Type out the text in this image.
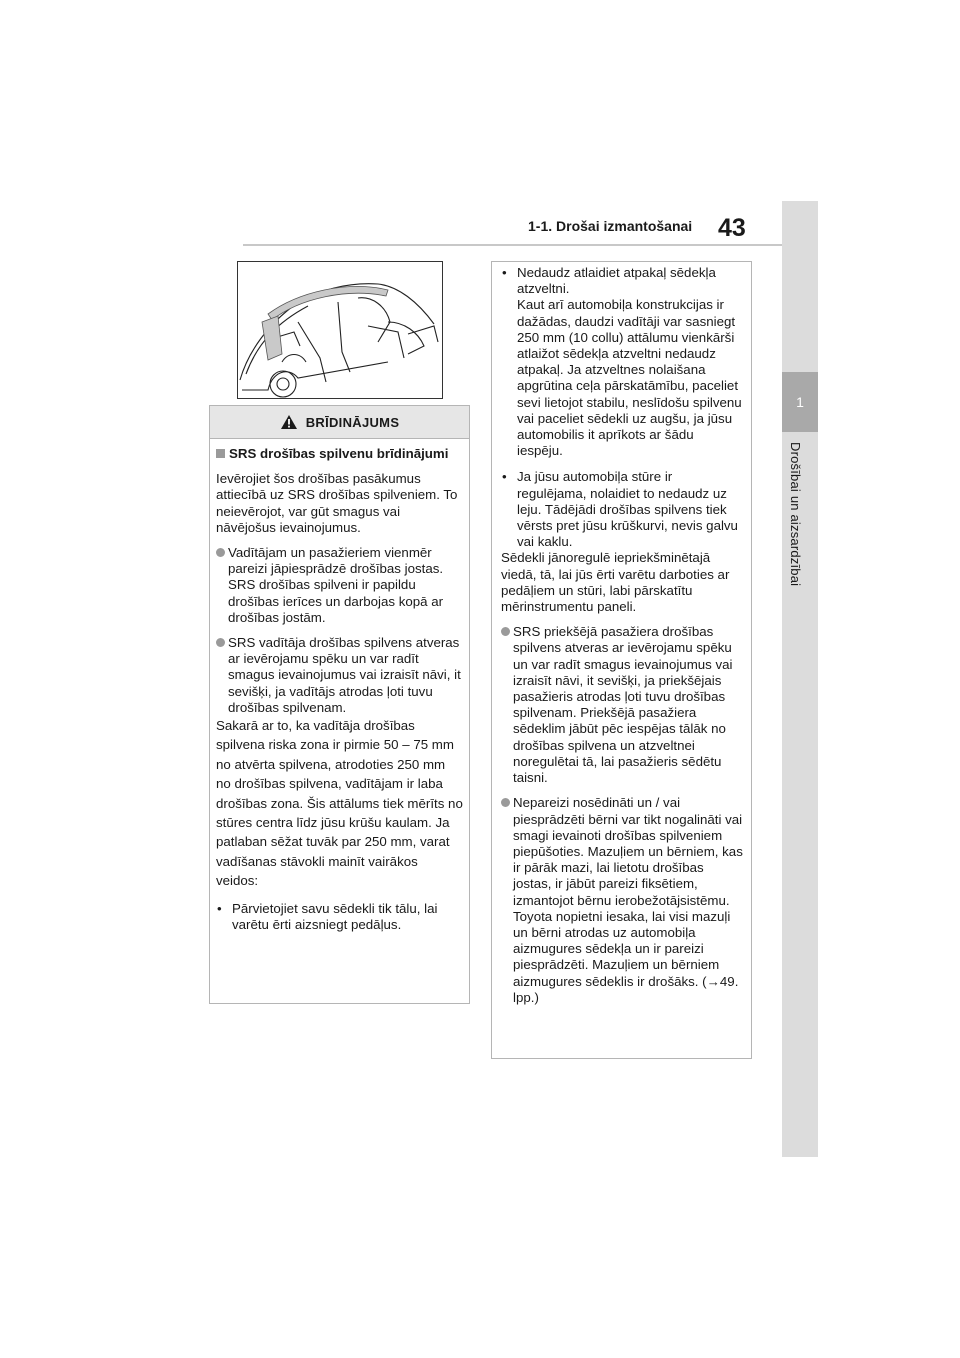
1-1. Drošai izmantošanai 43
1
Drošībai un aizsardzībai
BRĪDINĀJUMS
SRS drošības spilvenu brīdinājumi

Ievērojiet šos drošības pasākumus attiecībā uz SRS drošības spilveniem. To neievērojot, var gūt smagus vai nāvējošus ievainojumus.

Vadītājam un pasažieriem vienmēr pareizi jāpiesprādzē drošības jostas.
SRS drošības spilveni ir papildu drošības ierīces un darbojas kopā ar drošības jostām.
SRS vadītāja drošības spilvens atveras ar ievērojamu spēku un var radīt smagus ievainojumus vai izraisīt nāvi, it sevišķi, ja vadītājs atrodas ļoti tuvu drošības spilvenam.

Sakarā ar to, ka vadītāja drošības spilvena riska zona ir pirmie 50 – 75 mm no atvērta spilvena, atrodoties 250 mm no drošības spilvena, vadītājam ir laba drošības zona. Šis attālums tiek mērīts no stūres centra līdz jūsu krūšu kaulam. Ja patlaban sēžat tuvāk par 250 mm, varat vadīšanas stāvokli mainīt vairākos veidos:

• Pārvietojiet savu sēdekli tik tālu, lai varētu ērti aizsniegt pedāļus.
• Nedaudz atlaidiet atpakaļ sēdekļa atzveltni.
Kaut arī automobiļa konstrukcijas ir dažādas, daudzi vadītāji var sasniegt 250 mm (10 collu) attālumu vienkārši atlaižot sēdekļa atzveltni nedaudz atpakaļ. Ja atzveltnes nolaišana apgrūtina ceļa pārskatāmību, paceliet sevi lietojot stabilu, neslīdošu spilvenu vai paceliet sēdekli uz augšu, ja jūsu automobilis it aprīkots ar šādu iespēju.
• Ja jūsu automobiļa stūre ir regulējama, nolaidiet to nedaudz uz leju. Tādējādi drošības spilvens tiek vērsts pret jūsu krūškurvi, nevis galvu vai kaklu.

Sēdekli jānoregulē iepriekšminētajā viedā, tā, lai jūs ērti varētu darboties ar pedāļiem un stūri, labi pārskatītu mērinstrumentu paneli.

SRS priekšējā pasažiera drošības spilvens atveras ar ievērojamu spēku un var radīt smagus ievainojumus vai izraisīt nāvi, it sevišķi, ja priekšējais pasažieris atrodas ļoti tuvu drošības spilvenam. Priekšējā pasažiera sēdeklim jābūt pēc iespējas tālāk no drošības spilvena un atzveltnei noregulētai tā, lai pasažieris sēdētu taisni.
Nepareizi nosēdināti un / vai piesprādzēti bērni var tikt nogalināti vai smagi ievainoti drošības spilveniem piepūšoties. Mazuļiem un bērniem, kas ir pārāk mazi, lai lietotu drošības jostas, ir jābūt pareizi fiksētiem, izmantojot bērnu ierobežotājsistēmu. Toyota nopietni iesaka, lai visi mazuļi un bērni atrodas uz automobiļa aizmugures sēdekļa un ir pareizi piesprādzēti. Mazuļiem un bērniem aizmugures sēdeklis ir drošāks. (→49. lpp.)
